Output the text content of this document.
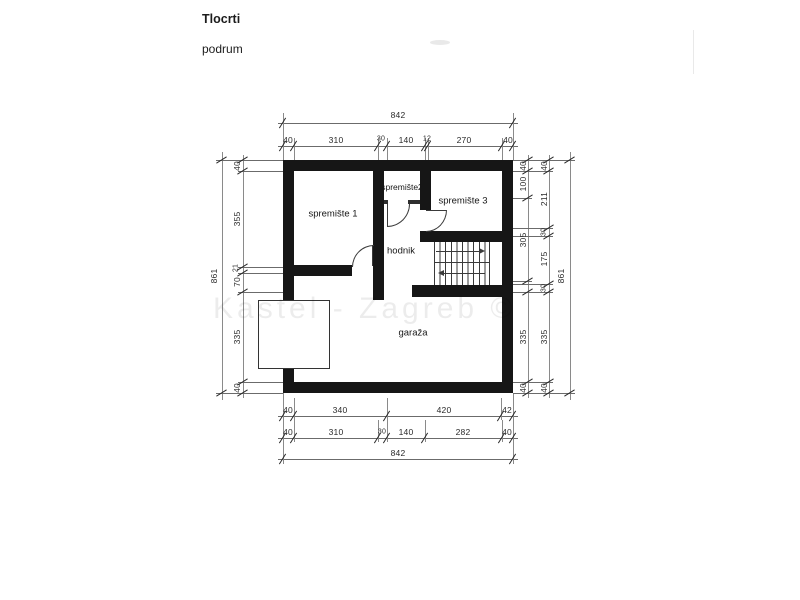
Tlocrti
podrum
Kastel - Zagreb ©
spremište 1
spremište2
spremište 3
hodnik
garaža
842
40	310	30 140 12	270	40
40	340	420	42
40	310	30 140	282	40
842
40
355
21
70
335
40
861
40
100
305
335
40
40
211
30
175
30
335
40
861
